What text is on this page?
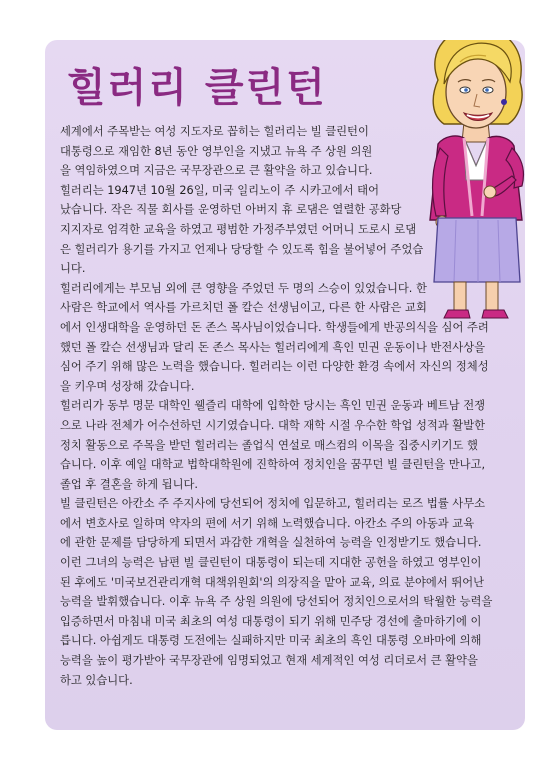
힐러리 클린턴

세계에서 주목받는 여성 지도자로 꼽히는 힐러리는 빌 클린턴이

대통령으로 재임한 8년 동안 영부인을 지냈고 뉴욕 주 상원 의원

을 역임하였으며 지금은 국무장관으로 큰 활약을 하고 있습니다.

힐러리는 1947년 10월 26일, 미국 일리노이 주 시카고에서 태어

났습니다. 작은 직물 회사를 운영하던 아버지 휴 로댐은 열렬한 공화당

지지자로 엄격한 교육을 하였고 평범한 가정주부였던 어머니 도로시 로댐

은 힐러리가 용기를 가지고 언제나 당당할 수 있도록 힘을 불어넣어 주었습

니다.

힐러리에게는 부모님 외에 큰 영향을 주었던 두 명의 스승이 있었습니다. 한

사람은 학교에서 역사를 가르치던 폴 칼슨 선생님이고, 다른 한 사람은 교회

에서 인생대학을 운영하던 돈 존스 목사님이었습니다. 학생들에게 반공의식을 심어 주려

했던 폴 칼슨 선생님과 달리 돈 존스 목사는 힐러리에게 흑인 민권 운동이나 반전사상을

심어 주기 위해 많은 노력을 했습니다. 힐러리는 이런 다양한 환경 속에서 자신의 정체성

을 키우며 성장해 갔습니다.

힐러리가 동부 명문 대학인 웰즐리 대학에 입학한 당시는 흑인 민권 운동과 베트남 전쟁

으로 나라 전체가 어수선하던 시기였습니다. 대학 재학 시절 우수한 학업 성적과 활발한

정치 활동으로 주목을 받던 힐러리는 졸업식 연설로 매스컴의 이목을 집중시키기도 했

습니다. 이후 예일 대학교 법학대학원에 진학하여 정치인을 꿈꾸던 빌 클린턴을 만나고,

졸업 후 결혼을 하게 됩니다.

빌 클린턴은 아칸소 주 주지사에 당선되어 정치에 입문하고, 힐러리는 로즈 법률 사무소

에서 변호사로 일하며 약자의 편에 서기 위해 노력했습니다. 아칸소 주의 아동과 교육

에 관한 문제를 담당하게 되면서 과감한 개혁을 실천하여 능력을 인정받기도 했습니다.

이런 그녀의 능력은 남편 빌 클린턴이 대통령이 되는데 지대한 공헌을 하였고 영부인이

된 후에도 '미국보건관리개혁 대책위원회'의 의장직을 맡아 교육, 의료 분야에서 뛰어난

능력을 발휘했습니다. 이후 뉴욕 주 상원 의원에 당선되어 정치인으로서의 탁월한 능력을

입증하면서 마침내 미국 최초의 여성 대통령이 되기 위해 민주당 경선에 출마하기에 이

릅니다. 아쉽게도 대통령 도전에는 실패하지만 미국 최초의 흑인 대통령 오바마에 의해

능력을 높이 평가받아 국무장관에 임명되었고 현재 세계적인 여성 리더로서 큰 활약을

하고 있습니다.
